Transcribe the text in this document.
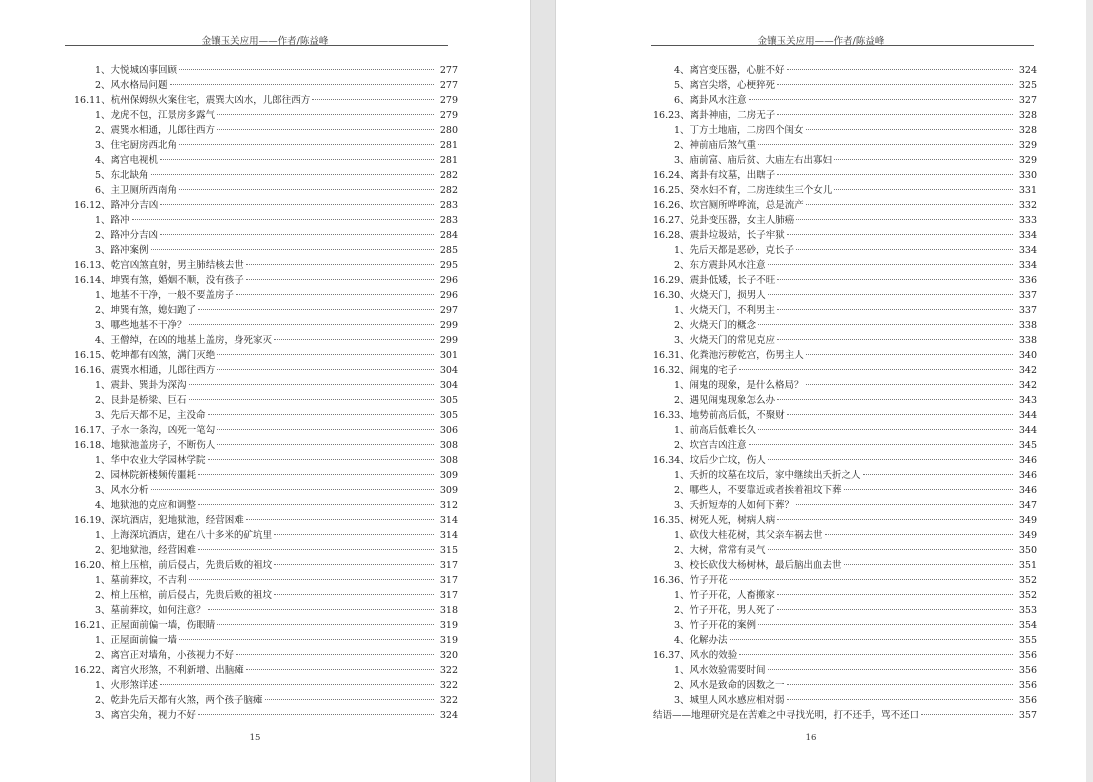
金镶玉关应用——作者/陈益峰
1、大悦城凶事回顾	277
2、风水格局问题	277
16.11、杭州保姆纵火案住宅，震巽大凶水，儿郎往西方	279
1、龙虎不包，江景房多露气	279
2、震巽水相通，儿郎往西方	280
3、住宅厨房西北角	281
4、离宫电视机	281
5、东北缺角	282
6、主卫厕所西南角	282
16.12、路冲分吉凶	283
1、路冲	283
2、路冲分吉凶	284
3、路冲案例	285
16.13、乾宫凶煞直射，男主肺结核去世	295
16.14、坤巽有煞，婚姻不顺，没有孩子	296
1、地基不干净，一般不要盖房子	296
2、坤巽有煞，媳妇跑了	297
3、哪些地基不干净？	299
4、王僧绰，在凶的地基上盖房，身死家灭	299
16.15、乾坤都有凶煞，满门灭绝	301
16.16、震巽水相通，儿郎往西方	304
1、震卦、巽卦为深沟	304
2、艮卦是桥梁、巨石	305
3、先后天都不足，主没命	305
16.17、子水一条沟，凶死一笔勾	306
16.18、地狱池盖房子，不断伤人	308
1、华中农业大学园林学院	308
2、园林院新楼频传噩耗	309
3、风水分析	309
4、地狱池的克应和调整	312
16.19、深坑酒店，犯地狱池，经营困难	314
1、上海深坑酒店，建在八十多米的矿坑里	314
2、犯地狱池，经营困难	315
16.20、棺上压棺，前后侵占，先贵后败的祖坟	317
1、墓前葬坟，不吉利	317
2、棺上压棺，前后侵占，先贵后败的祖坟	317
3、墓前葬坟，如何注意？	318
16.21、正屋面前偏一墙，伤眼睛	319
1、正屋面前偏一墙	319
2、离宫正对墙角，小孩视力不好	320
16.22、离宫火形煞，不利新增、出脑瘫	322
1、火形煞详述	322
2、乾卦先后天都有火煞，两个孩子脑瘫	322
3、离宫尖角，视力不好	324
15
金镶玉关应用——作者/陈益峰
4、离宫变压器，心脏不好	324
5、离宫尖塔，心梗猝死	325
6、离卦风水注意	327
16.23、离卦神庙，二房无子	328
1、丁方土地庙，二房四个闺女	328
2、神前庙后煞气重	329
3、庙前富、庙后贫、大庙左右出寡妇	329
16.24、离卦有坟墓，出瞎子	330
16.25、癸水妇不育，二房连续生三个女儿	331
16.26、坎宫厕所哗哗流，总是流产	332
16.27、兑卦变压器，女主人肺癌	333
16.28、震卦垃圾站，长子牢狱	334
1、先后天都是恶砂，克长子	334
2、东方震卦风水注意	334
16.29、震卦低矮，长子不旺	336
16.30、火烧天门，损男人	337
1、火烧天门，不利男主	337
2、火烧天门的概念	338
3、火烧天门的常见克应	338
16.31、化粪池污秽乾宫，伤男主人	340
16.32、闹鬼的宅子	342
1、闹鬼的现象，是什么格局？	342
2、遇见闹鬼现象怎么办	343
16.33、地势前高后低，不聚财	344
1、前高后低难长久	344
2、坎宫吉凶注意	345
16.34、坟后少亡坟，伤人	346
1、夭折的坟墓在坟后，家中继续出夭折之人	346
2、哪些人，不要靠近或者挨着祖坟下葬	346
3、夭折短寿的人如何下葬？	347
16.35、树死人死，树病人病	349
1、砍伐大桂花树，其父亲车祸去世	349
2、大树，常常有灵气	350
3、校长砍伐大杨树林，最后脑出血去世	351
16.36、竹子开花	352
1、竹子开花，人畜搬家	352
2、竹子开花，男人死了	353
3、竹子开花的案例	354
4、化解办法	355
16.37、风水的效验	356
1、风水效验需要时间	356
2、风水是致命的因数之一	356
3、城里人风水感应相对弱	356
结语——地理研究是在苦难之中寻找光明，打不还手，骂不还口	357
16
